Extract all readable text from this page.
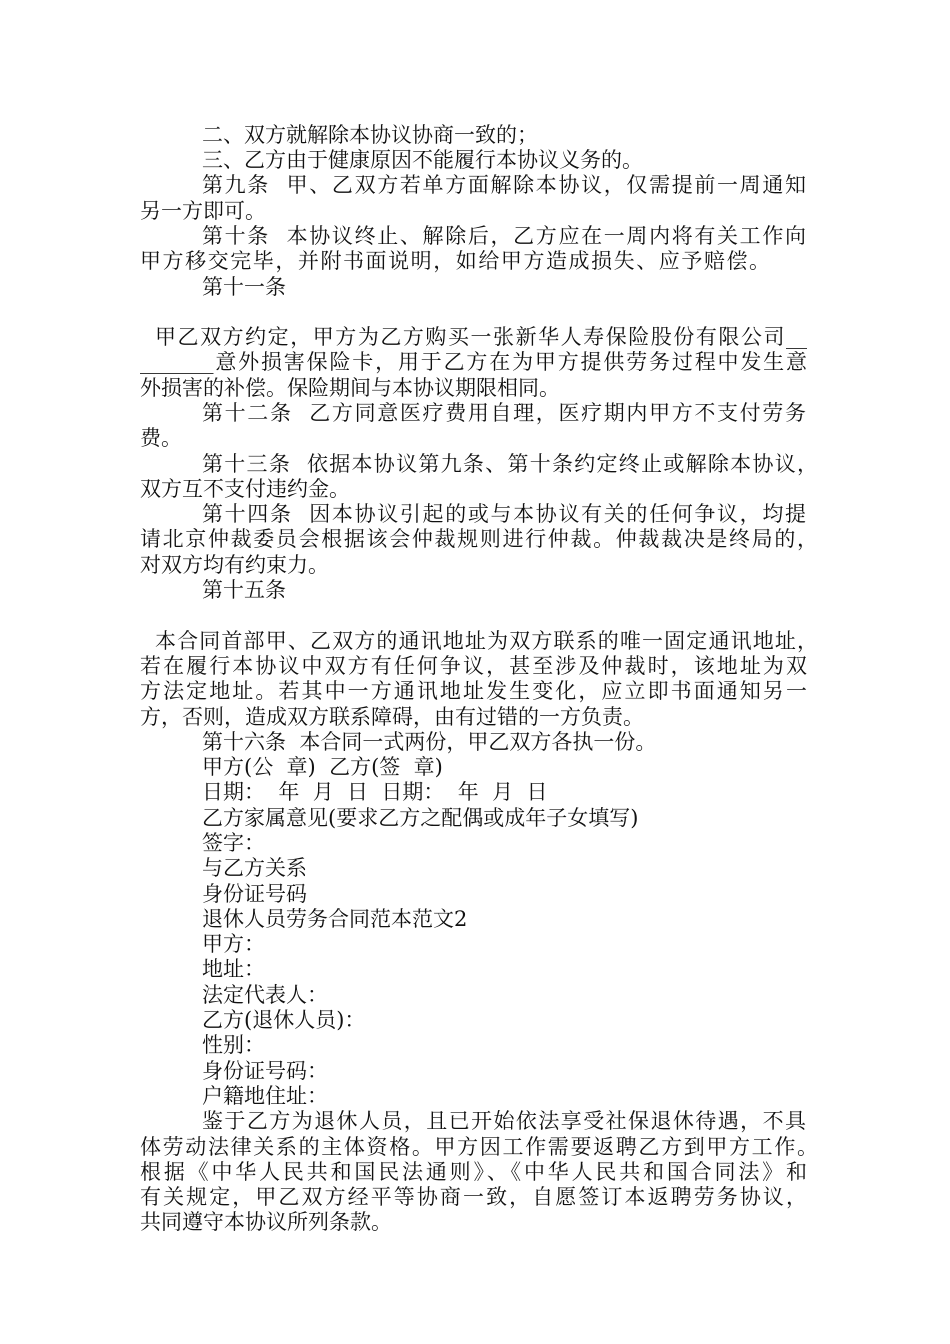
二、双方就解除本协议协商一致的；

三、乙方由于健康原因不能履行本协议义务的。

第九条  甲、乙双方若单方面解除本协议，仅需提前一周通知

另一方即可。

第十条  本协议终止、解除后，乙方应在一周内将有关工作向

甲方移交完毕，并附书面说明，如给甲方造成损失、应予赔偿。

第十一条

甲乙双方约定，甲方为乙方购买一张新华人寿保险股份有限公司__

_______意外损害保险卡，用于乙方在为甲方提供劳务过程中发生意

外损害的补偿。保险期间与本协议期限相同。

第十二条  乙方同意医疗费用自理，医疗期内甲方不支付劳务

费。

第十三条  依据本协议第九条、第十条约定终止或解除本协议，

双方互不支付违约金。

第十四条  因本协议引起的或与本协议有关的任何争议，均提

请北京仲裁委员会根据该会仲裁规则进行仲裁。仲裁裁决是终局的，

对双方均有约束力。

第十五条

本合同首部甲、乙双方的通讯地址为双方联系的唯一固定通讯地址，

若在履行本协议中双方有任何争议，甚至涉及仲裁时，该地址为双

方法定地址。若其中一方通讯地址发生变化，应立即书面通知另一

方，否则，造成双方联系障碍，由有过错的一方负责。

第十六条  本合同一式两份，甲乙双方各执一份。

甲方(公  章)  乙方(签  章)

日期：  年  月  日  日期：  年  月  日

乙方家属意见(要求乙方之配偶或成年子女填写)

签字：

与乙方关系

身份证号码

退休人员劳务合同范本范文2

甲方：

地址：

法定代表人：

乙方(退休人员)：

性别：

身份证号码：

户籍地住址：

鉴于乙方为退休人员，且已开始依法享受社保退休待遇，不具

体劳动法律关系的主体资格。甲方因工作需要返聘乙方到甲方工作。

根据《中华人民共和国民法通则》、《中华人民共和国合同法》和

有关规定，甲乙双方经平等协商一致，自愿签订本返聘劳务协议，

共同遵守本协议所列条款。
